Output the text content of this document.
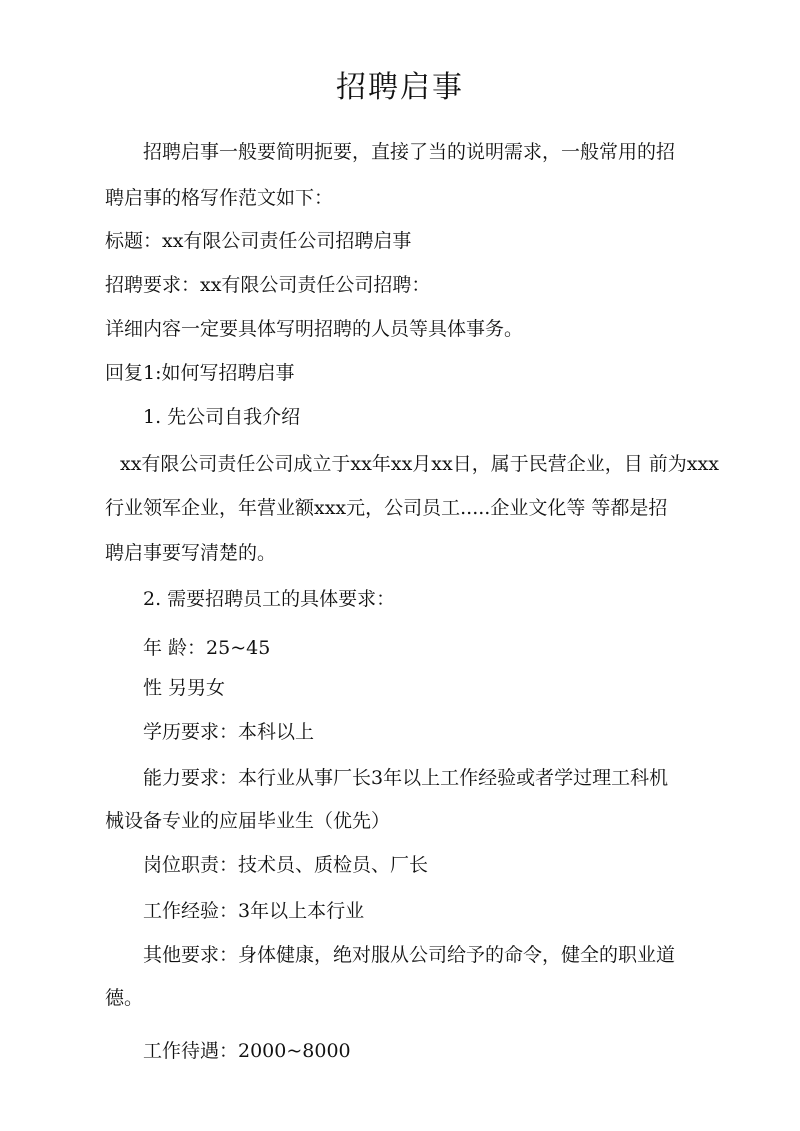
招聘启事
招聘启事一般要简明扼要，直接了当的说明需求，一般常用的招
聘启事的格写作范文如下：
标题：xx有限公司责任公司招聘启事
招聘要求：xx有限公司责任公司招聘：
详细内容一定要具体写明招聘的人员等具体事务。
回复1:如何写招聘启事
1. 先公司自我介绍
xx有限公司责任公司成立于xx年xx月xx日，属于民营企业，目 前为xxx
行业领军企业，年营业额xxx元，公司员工.....企业文化等 等都是招
聘启事要写清楚的。
2. 需要招聘员工的具体要求：
年 龄：25~45
性 另男女
学历要求：本科以上
能力要求：本行业从事厂长3年以上工作经验或者学过理工科机
械设备专业的应届毕业生（优先）
岗位职责：技术员、质检员、厂长
工作经验：3年以上本行业
其他要求：身体健康，绝对服从公司给予的命令，健全的职业道
德。
工作待遇：2000~8000
